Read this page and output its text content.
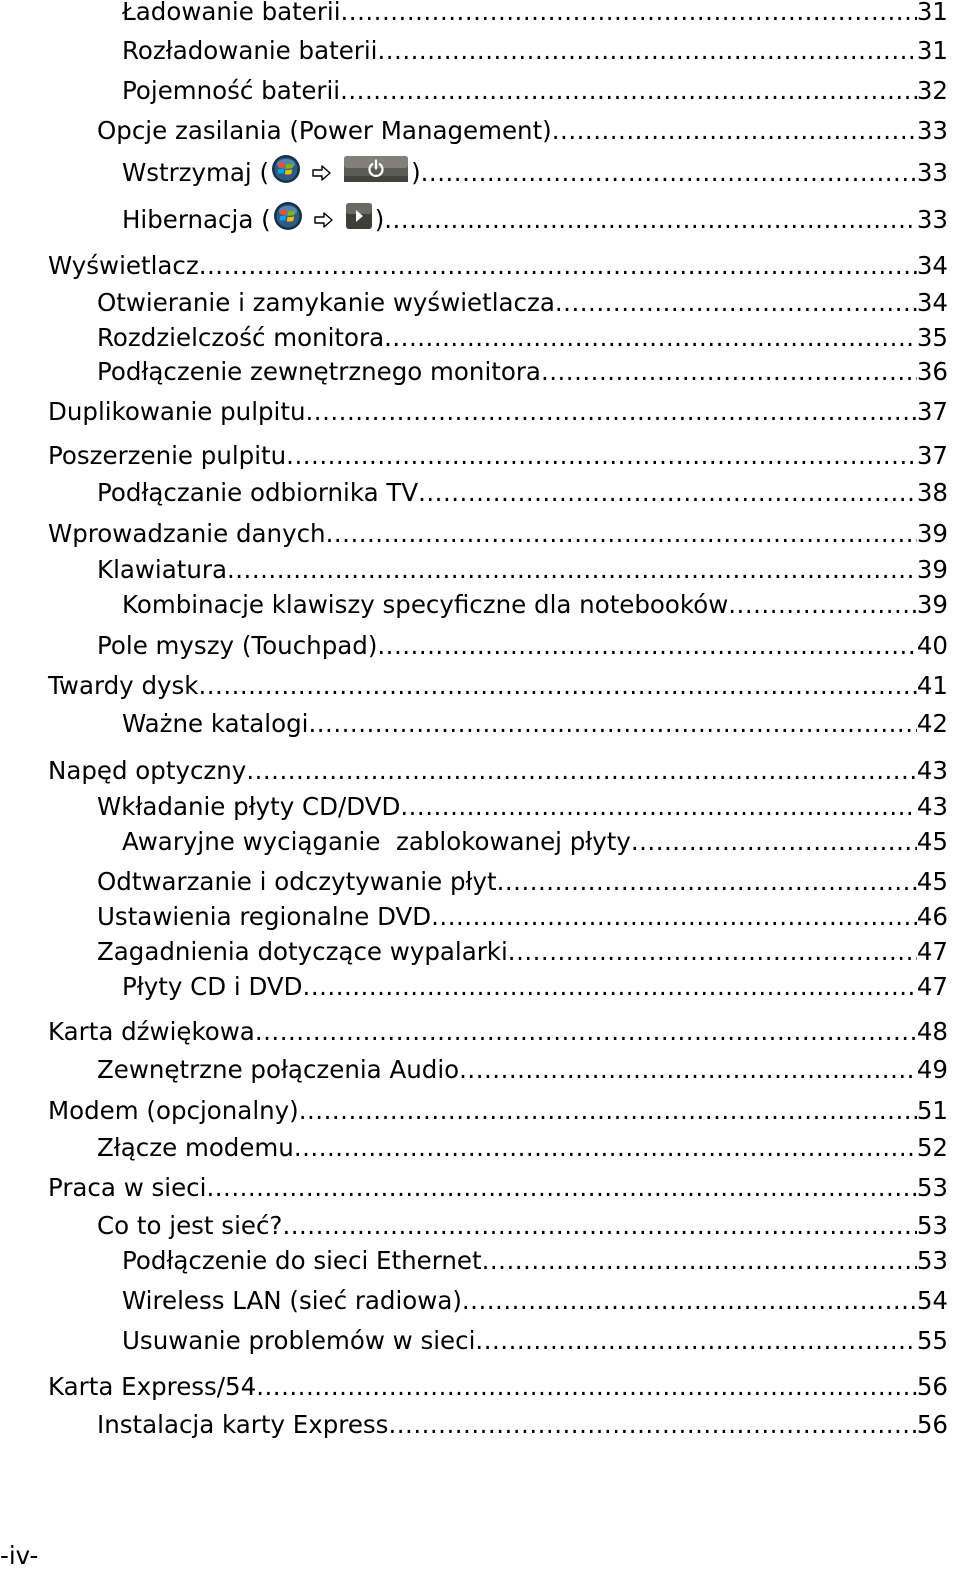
Ładowanie baterii .....	31
Rozładowanie baterii .....	31
Pojemność baterii .....	32
Opcje zasilania (Power Management) .....	33
Wstrzymaj (	) .....	33
Hibernacja (	) .....	33
Wyświetlacz .....	34
Otwieranie i zamykanie wyświetlacza .....	34
Rozdzielczość monitora .....	35
Podłączenie zewnętrznego monitora .....	36
Duplikowanie pulpitu .....	37
Poszerzenie pulpitu .....	37
Podłączanie odbiornika TV .....	38
Wprowadzanie danych .....	39
Klawiatura .....	39
Kombinacje klawiszy specyficzne dla notebooków .....	39
Pole myszy (Touchpad) .....	40
Twardy dysk .....	41
Ważne katalogi .....	42
Napęd optyczny .....	43
Wkładanie płyty CD/DVD .....	43
Awaryjne wyciąganie  zablokowanej płyty .....	45
Odtwarzanie i odczytywanie płyt .....	45
Ustawienia regionalne DVD .....	46
Zagadnienia dotyczące wypalarki .....	47
Płyty CD i DVD .....	47
Karta dźwiękowa .....	48
Zewnętrzne połączenia Audio .....	49
Modem (opcjonalny) .....	51
Złącze modemu .....	52
Praca w sieci .....	53
Co to jest sieć? .....	53
Podłączenie do sieci Ethernet .....	53
Wireless LAN (sieć radiowa) .....	54
Usuwanie problemów w sieci .....	55
Karta Express/54 .....	56
Instalacja karty Express .....	56
-iv-
